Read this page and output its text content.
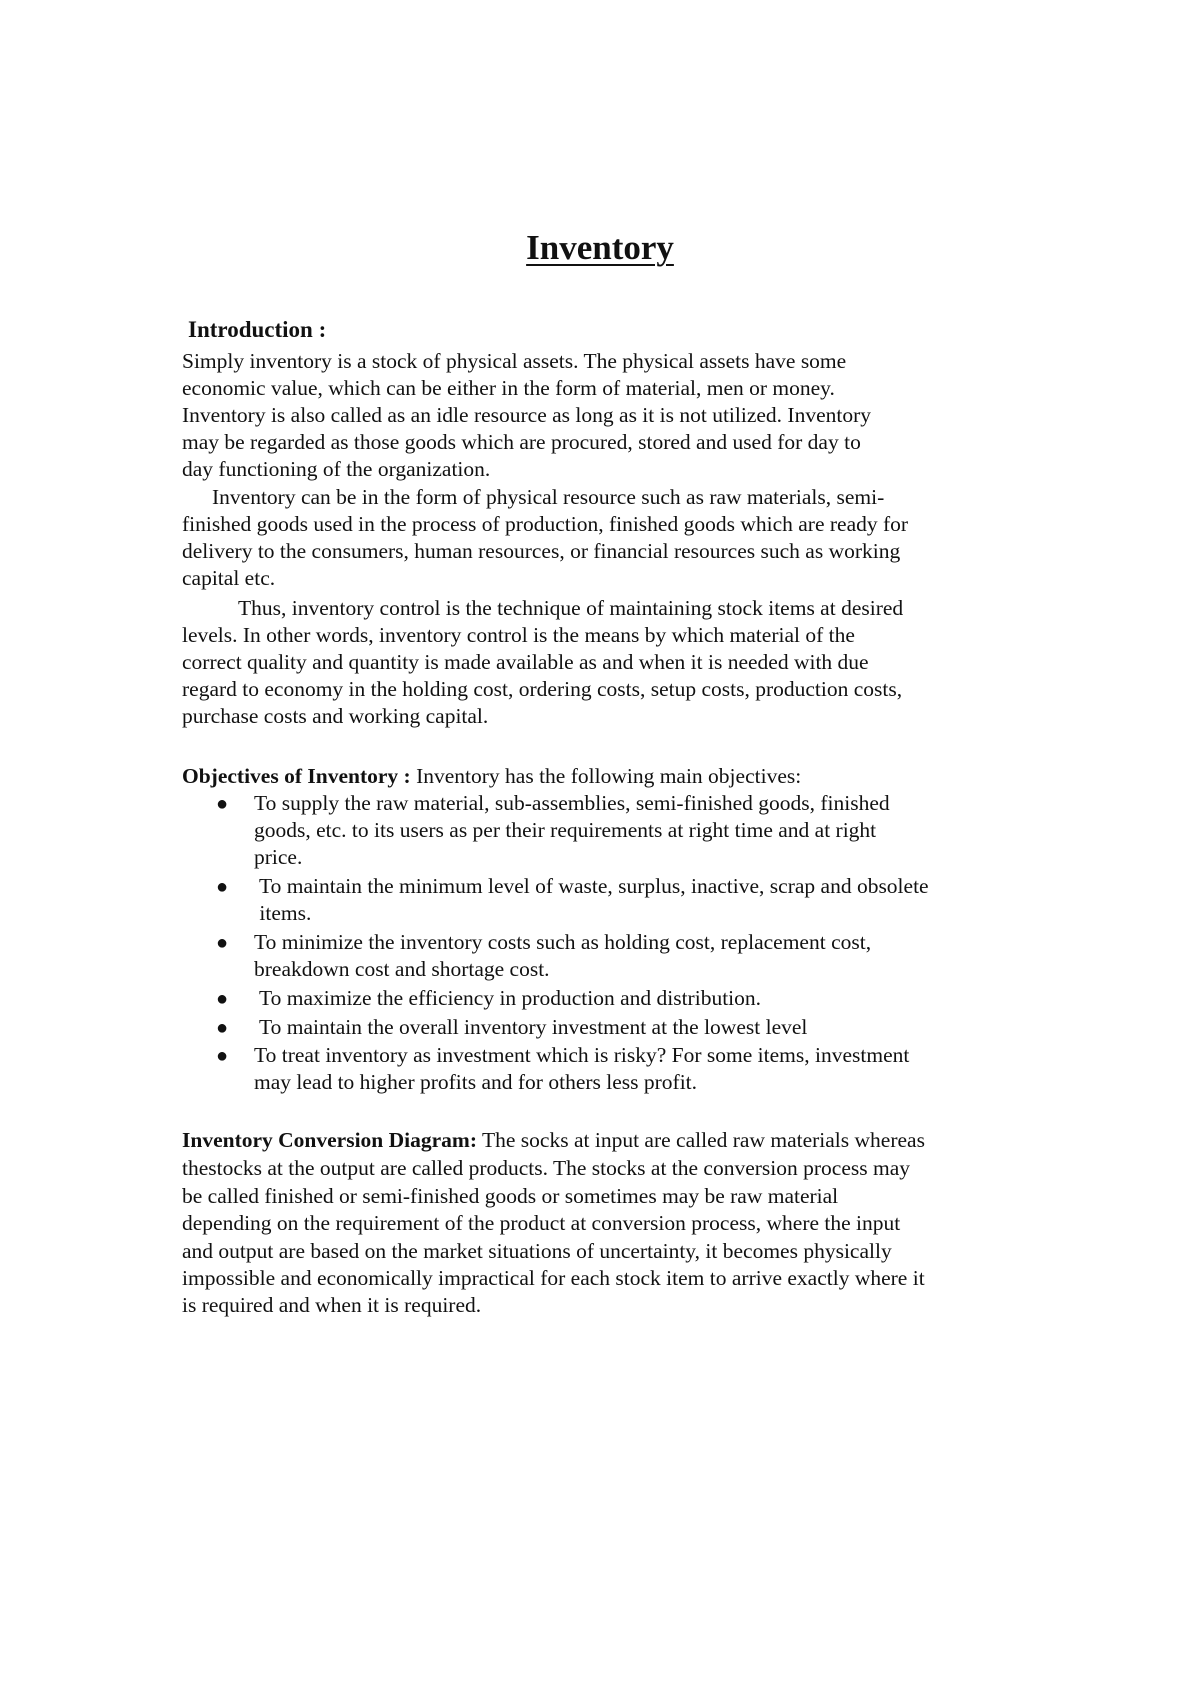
Inventory
Introduction :
Simply inventory is a stock of physical assets. The physical assets have some
economic value, which can be either in the form of material, men or money.
Inventory is also called as an idle resource as long as it is not utilized. Inventory
may be regarded as those goods which are procured, stored and used for day to
day functioning of the organization.
Inventory can be in the form of physical resource such as raw materials, semi-
finished goods used in the process of production, finished goods which are ready for
delivery to the consumers, human resources, or financial resources such as working
capital etc.
Thus, inventory control is the technique of maintaining stock items at desired
levels. In other words, inventory control is the means by which material of the
correct quality and quantity is made available as and when it is needed with due
regard to economy in the holding cost, ordering costs, setup costs, production costs,
purchase costs and working capital.
Objectives of Inventory : Inventory has the following main objectives:
● To supply the raw material, sub-assemblies, semi-finished goods, finished
goods, etc. to its users as per their requirements at right time and at right
price.
● To maintain the minimum level of waste, surplus, inactive, scrap and obsolete
items.
● To minimize the inventory costs such as holding cost, replacement cost,
breakdown cost and shortage cost.
● To maximize the efficiency in production and distribution.
● To maintain the overall inventory investment at the lowest level
● To treat inventory as investment which is risky? For some items, investment
may lead to higher profits and for others less profit.
Inventory Conversion Diagram: The socks at input are called raw materials whereas
thestocks at the output are called products. The stocks at the conversion process may
be called finished or semi-finished goods or sometimes may be raw material
depending on the requirement of the product at conversion process, where the input
and output are based on the market situations of uncertainty, it becomes physically
impossible and economically impractical for each stock item to arrive exactly where it
is required and when it is required.
